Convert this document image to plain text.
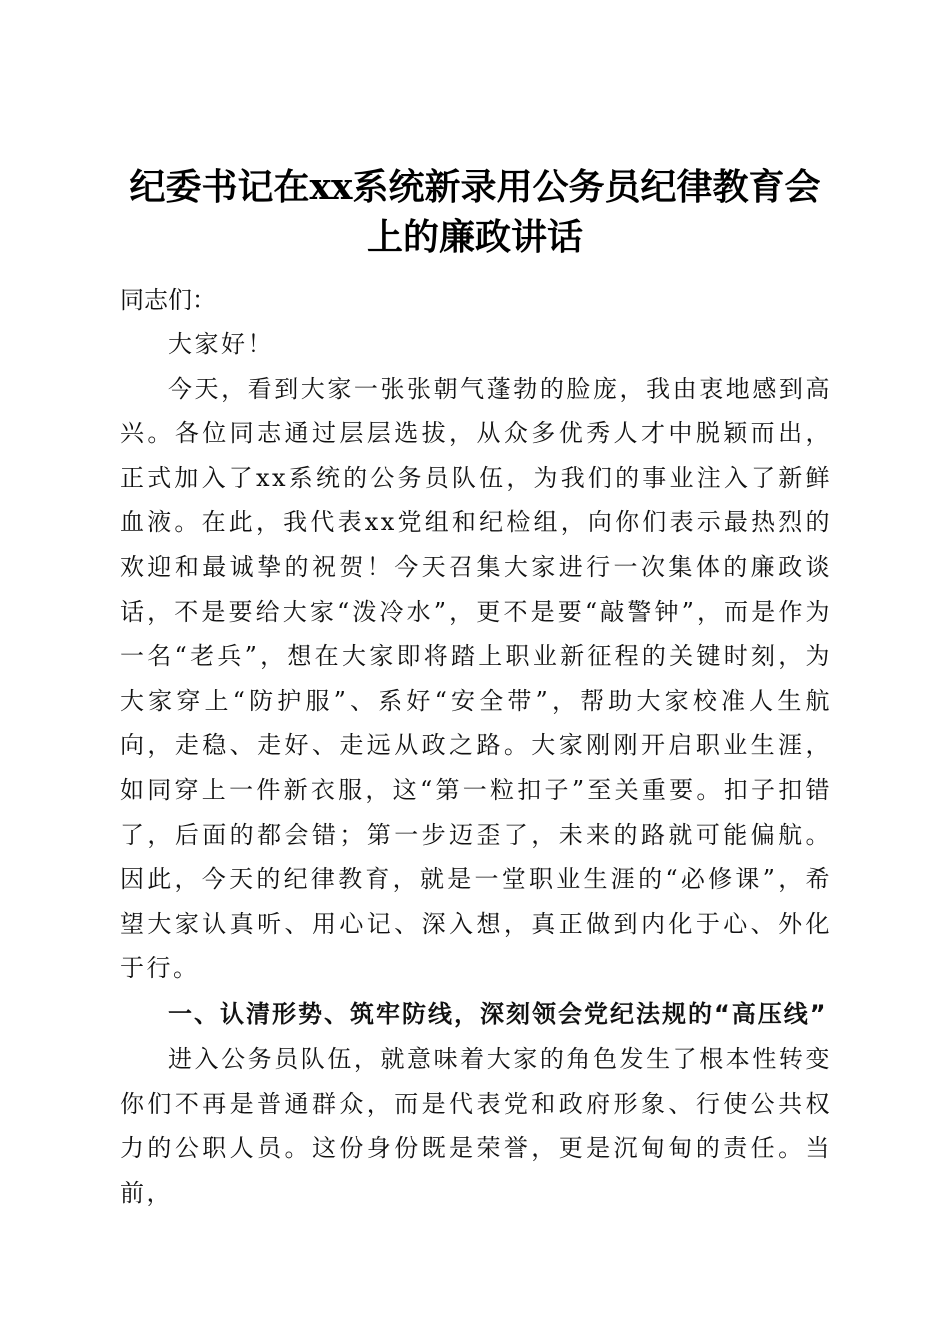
纪委书记在xx系统新录用公务员纪律教育会
上的廉政讲话
同志们：

大家好！

今天，看到大家一张张朝气蓬勃的脸庞，我由衷地感到高兴。各位同志通过层层选拔，从众多优秀人才中脱颖而出，正式加入了xx系统的公务员队伍，为我们的事业注入了新鲜血液。在此，我代表xx党组和纪检组，向你们表示最热烈的欢迎和最诚挚的祝贺！今天召集大家进行一次集体的廉政谈话，不是要给大家“泼冷水”，更不是要“敲警钟”，而是作为一名“老兵”，想在大家即将踏上职业新征程的关键时刻，为大家穿上“防护服”、系好“安全带”，帮助大家校准人生航向，走稳、走好、走远从政之路。大家刚刚开启职业生涯，如同穿上一件新衣服，这“第一粒扣子”至关重要。扣子扣错了，后面的都会错；第一步迈歪了，未来的路就可能偏航。因此，今天的纪律教育，就是一堂职业生涯的“必修课”，希望大家认真听、用心记、深入想，真正做到内化于心、外化于行。

一、认清形势、筑牢防线，深刻领会党纪法规的“高压线”

进入公务员队伍，就意味着大家的角色发生了根本性转变你们不再是普通群众，而是代表党和政府形象、行使公共权力的公职人员。这份身份既是荣誉，更是沉甸甸的责任。当前，
